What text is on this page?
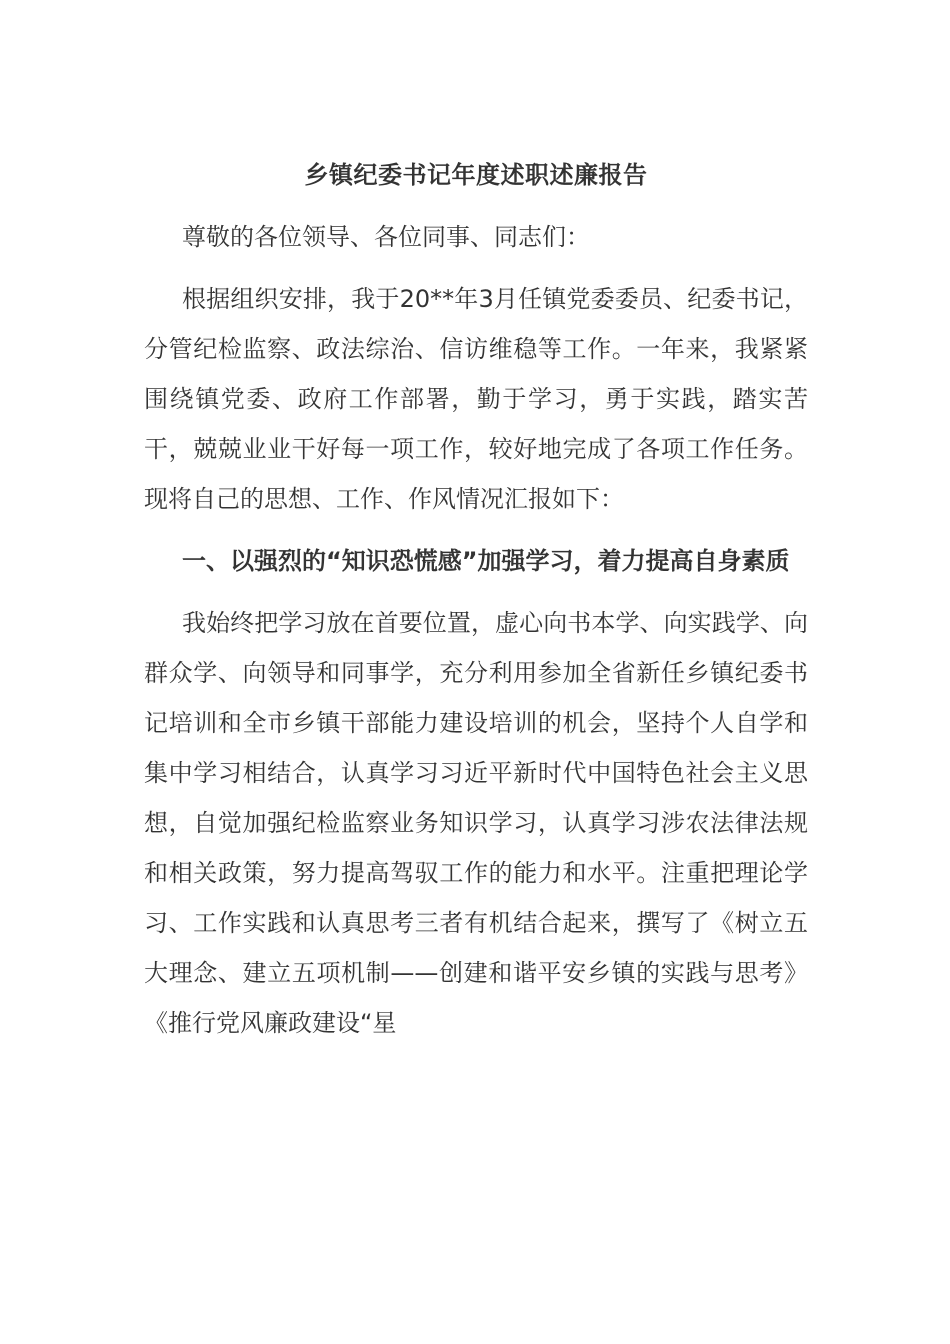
乡镇纪委书记年度述职述廉报告

尊敬的各位领导、各位同事、同志们：

根据组织安排，我于20**年3月任镇党委委员、纪委书记，分管纪检监察、政法综治、信访维稳等工作。一年来，我紧紧围绕镇党委、政府工作部署，勤于学习，勇于实践，踏实苦干，兢兢业业干好每一项工作，较好地完成了各项工作任务。现将自己的思想、工作、作风情况汇报如下：

一、以强烈的“知识恐慌感”加强学习，着力提高自身素质

我始终把学习放在首要位置，虚心向书本学、向实践学、向群众学、向领导和同事学，充分利用参加全省新任乡镇纪委书记培训和全市乡镇干部能力建设培训的机会，坚持个人自学和集中学习相结合，认真学习习近平新时代中国特色社会主义思想，自觉加强纪检监察业务知识学习，认真学习涉农法律法规和相关政策，努力提高驾驭工作的能力和水平。注重把理论学习、工作实践和认真思考三者有机结合起来，撰写了《树立五大理念、建立五项机制——创建和谐平安乡镇的实践与思考》《推行党风廉政建设“星
